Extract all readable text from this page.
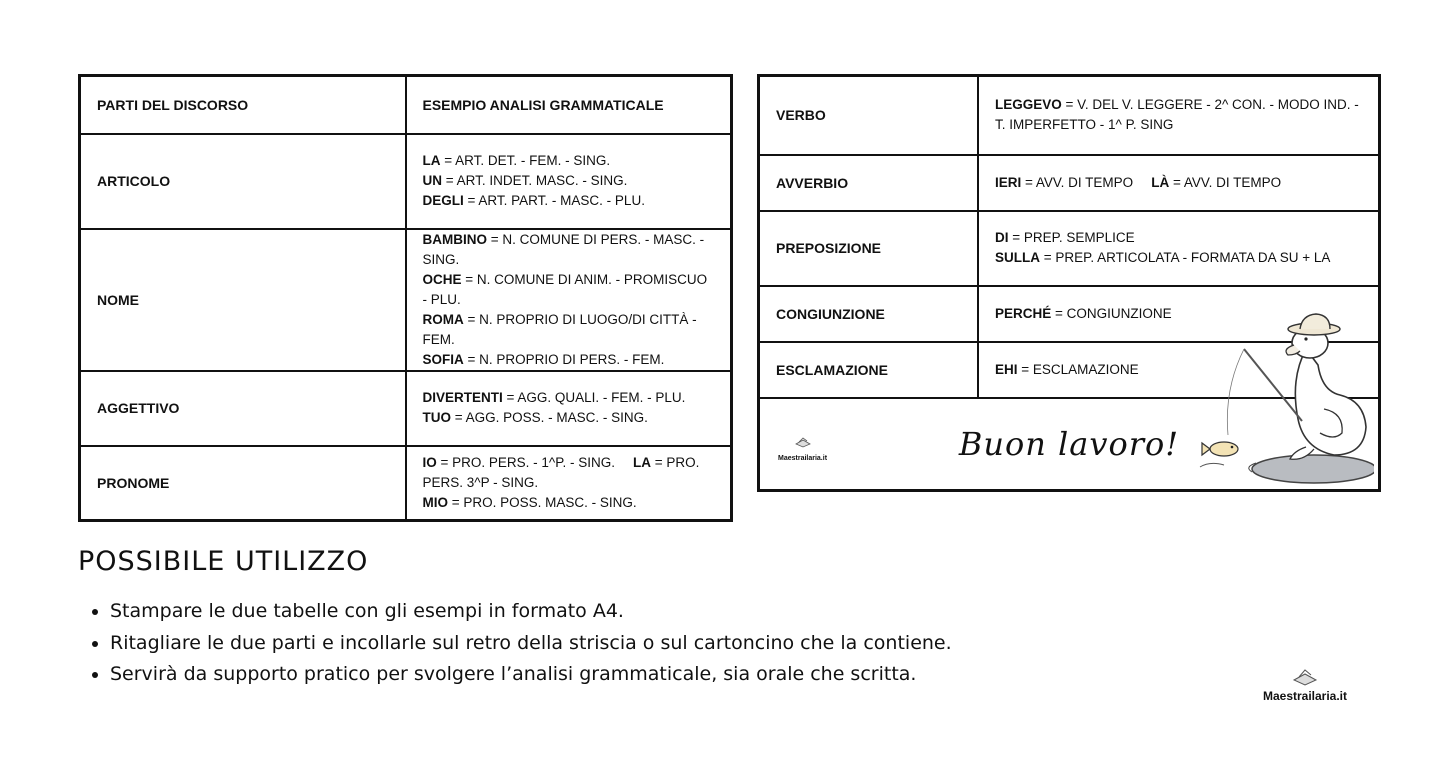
PARTI DEL DISCORSO	ESEMPIO ANALISI GRAMMATICALE
ARTICOLO	LA = ART. DET. - FEM. - SING.
UN = ART. INDET. MASC. - SING.
DEGLI = ART. PART. - MASC. - PLU.

NOME	BAMBINO = N. COMUNE DI PERS. - MASC. - SING.
OCHE = N. COMUNE DI ANIM. - PROMISCUO - PLU.
ROMA = N. PROPRIO DI LUOGO/DI CITTÀ - FEM.
SOFIA = N. PROPRIO DI PERS. - FEM.

AGGETTIVO	DIVERTENTI = AGG. QUALI. - FEM. - PLU.
TUO = AGG. POSS. - MASC. - SING.

PRONOME	IO = PRO. PERS. - 1^P. - SING. LA = PRO. PERS. 3^P - SING.
MIO = PRO. POSS. MASC. - SING.
VERBO	LEGGEVO = V. DEL V. LEGGERE - 2^ CON. - MODO IND. - T. IMPERFETTO - 1^ P. SING
AVVERBIO	IERI = AVV. DI TEMPO LÀ = AVV. DI TEMPO
PREPOSIZIONE	DI = PREP. SEMPLICE
SULLA = PREP. ARTICOLATA - FORMATA DA SU + LA

CONGIUNZIONE	PERCHÉ = CONGIUNZIONE
ESCLAMAZIONE	EHI = ESCLAMAZIONE

Maestrailaria.it Buon lavoro!	
POSSIBILE UTILIZZO
• Stampare le due tabelle con gli esempi in formato A4.
• Ritagliare le due parti e incollarle sul retro della striscia o sul cartoncino che la contiene.
• Servirà da supporto pratico per svolgere l’analisi grammaticale, sia orale che scritta.
Maestrailaria.it
